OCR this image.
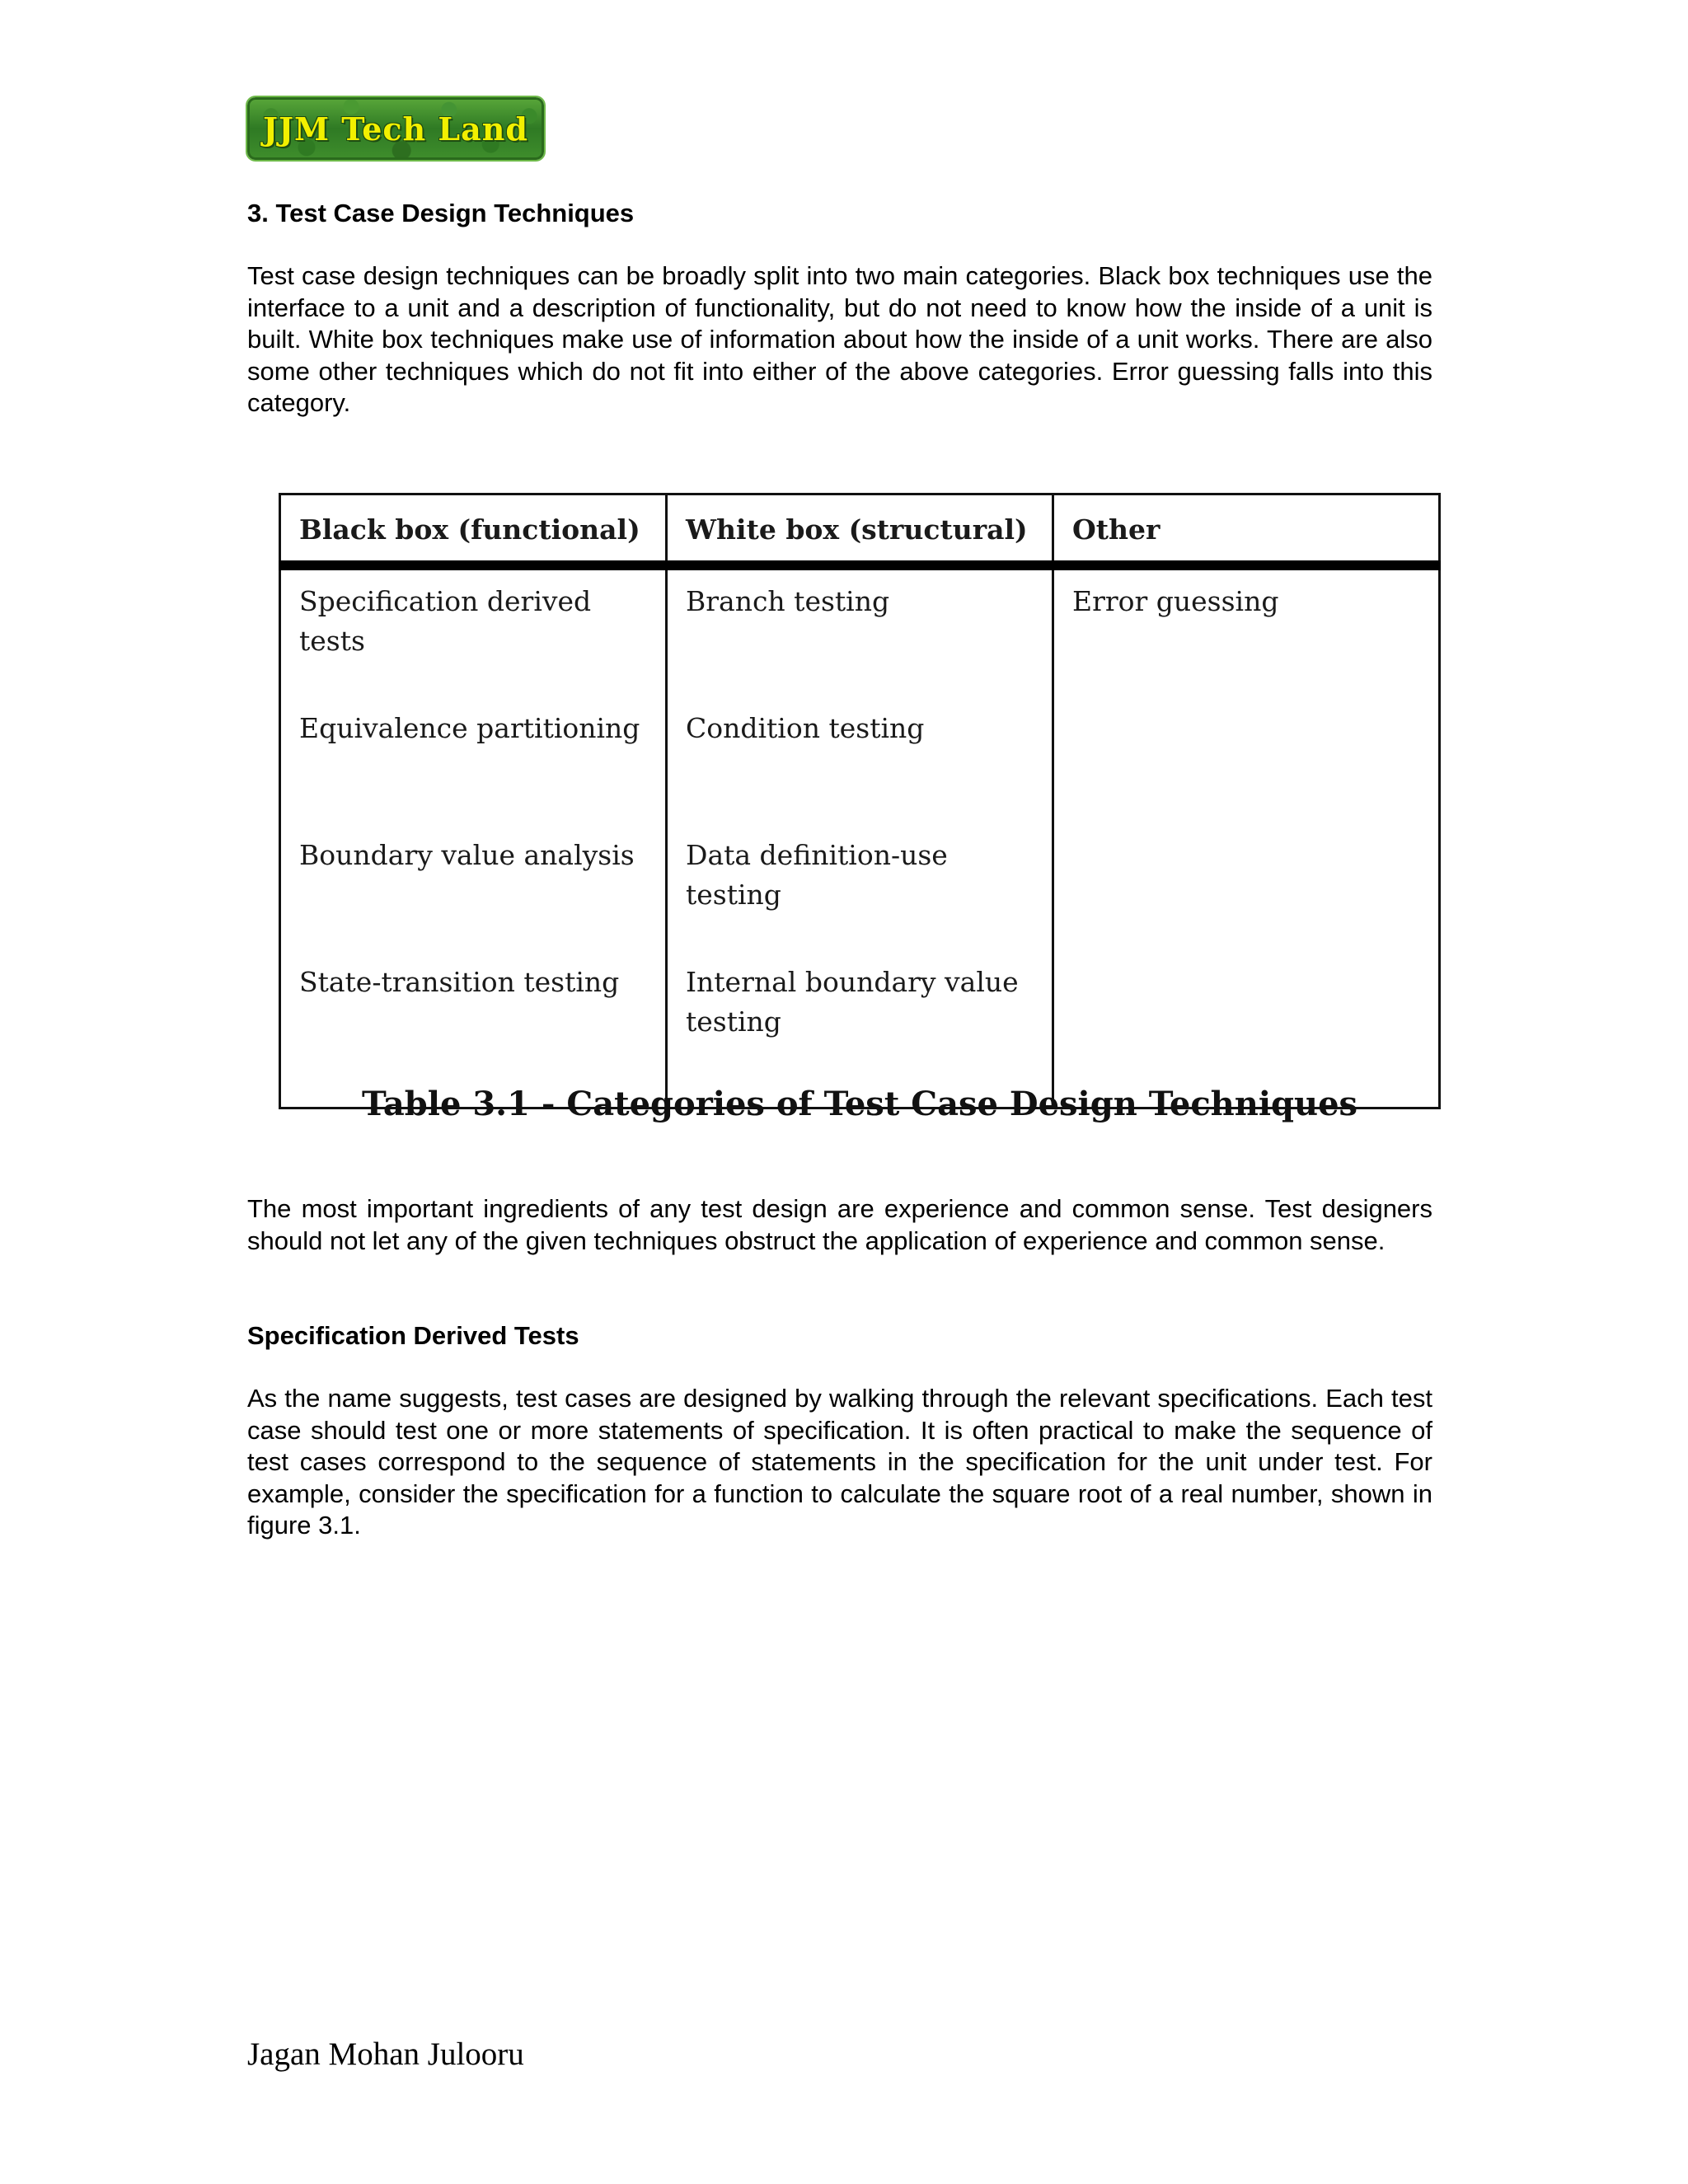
JJM Tech Land
3. Test Case Design Techniques

Test case design techniques can be broadly split into two main categories. Black box techniques use the interface to a unit and a description of functionality, but do not need to know how the inside of a unit is built. White box techniques make use of information about how the inside of a unit works. There are also some other techniques which do not fit into either of the above categories. Error guessing falls into this category.

Black box (functional)	White box (structural)	Other
Specification derived tests	Branch testing	Error guessing
Equivalence partitioning	Condition testing	
Boundary value analysis	Data definition-use testing	
State-transition testing	Internal boundary value testing	
Table 3.1 - Categories of Test Case Design Techniques

The most important ingredients of any test design are experience and common sense. Test designers should not let any of the given techniques obstruct the application of experience and common sense.

Specification Derived Tests

As the name suggests, test cases are designed by walking through the relevant specifications. Each test case should test one or more statements of specification. It is often practical to make the sequence of test cases correspond to the sequence of statements in the specification for the unit under test. For example, consider the specification for a function to calculate the square root of a real number, shown in figure 3.1.

Jagan Mohan Julooru
